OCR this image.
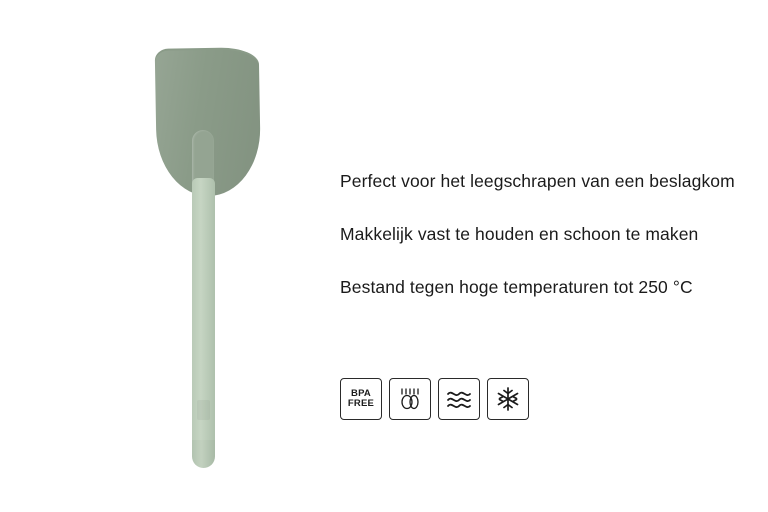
Perfect voor het leegschrapen van een beslagkom
Makkelijk vast te houden en schoon te maken
Bestand tegen hoge temperaturen tot 250 °C
BPA
FREE
